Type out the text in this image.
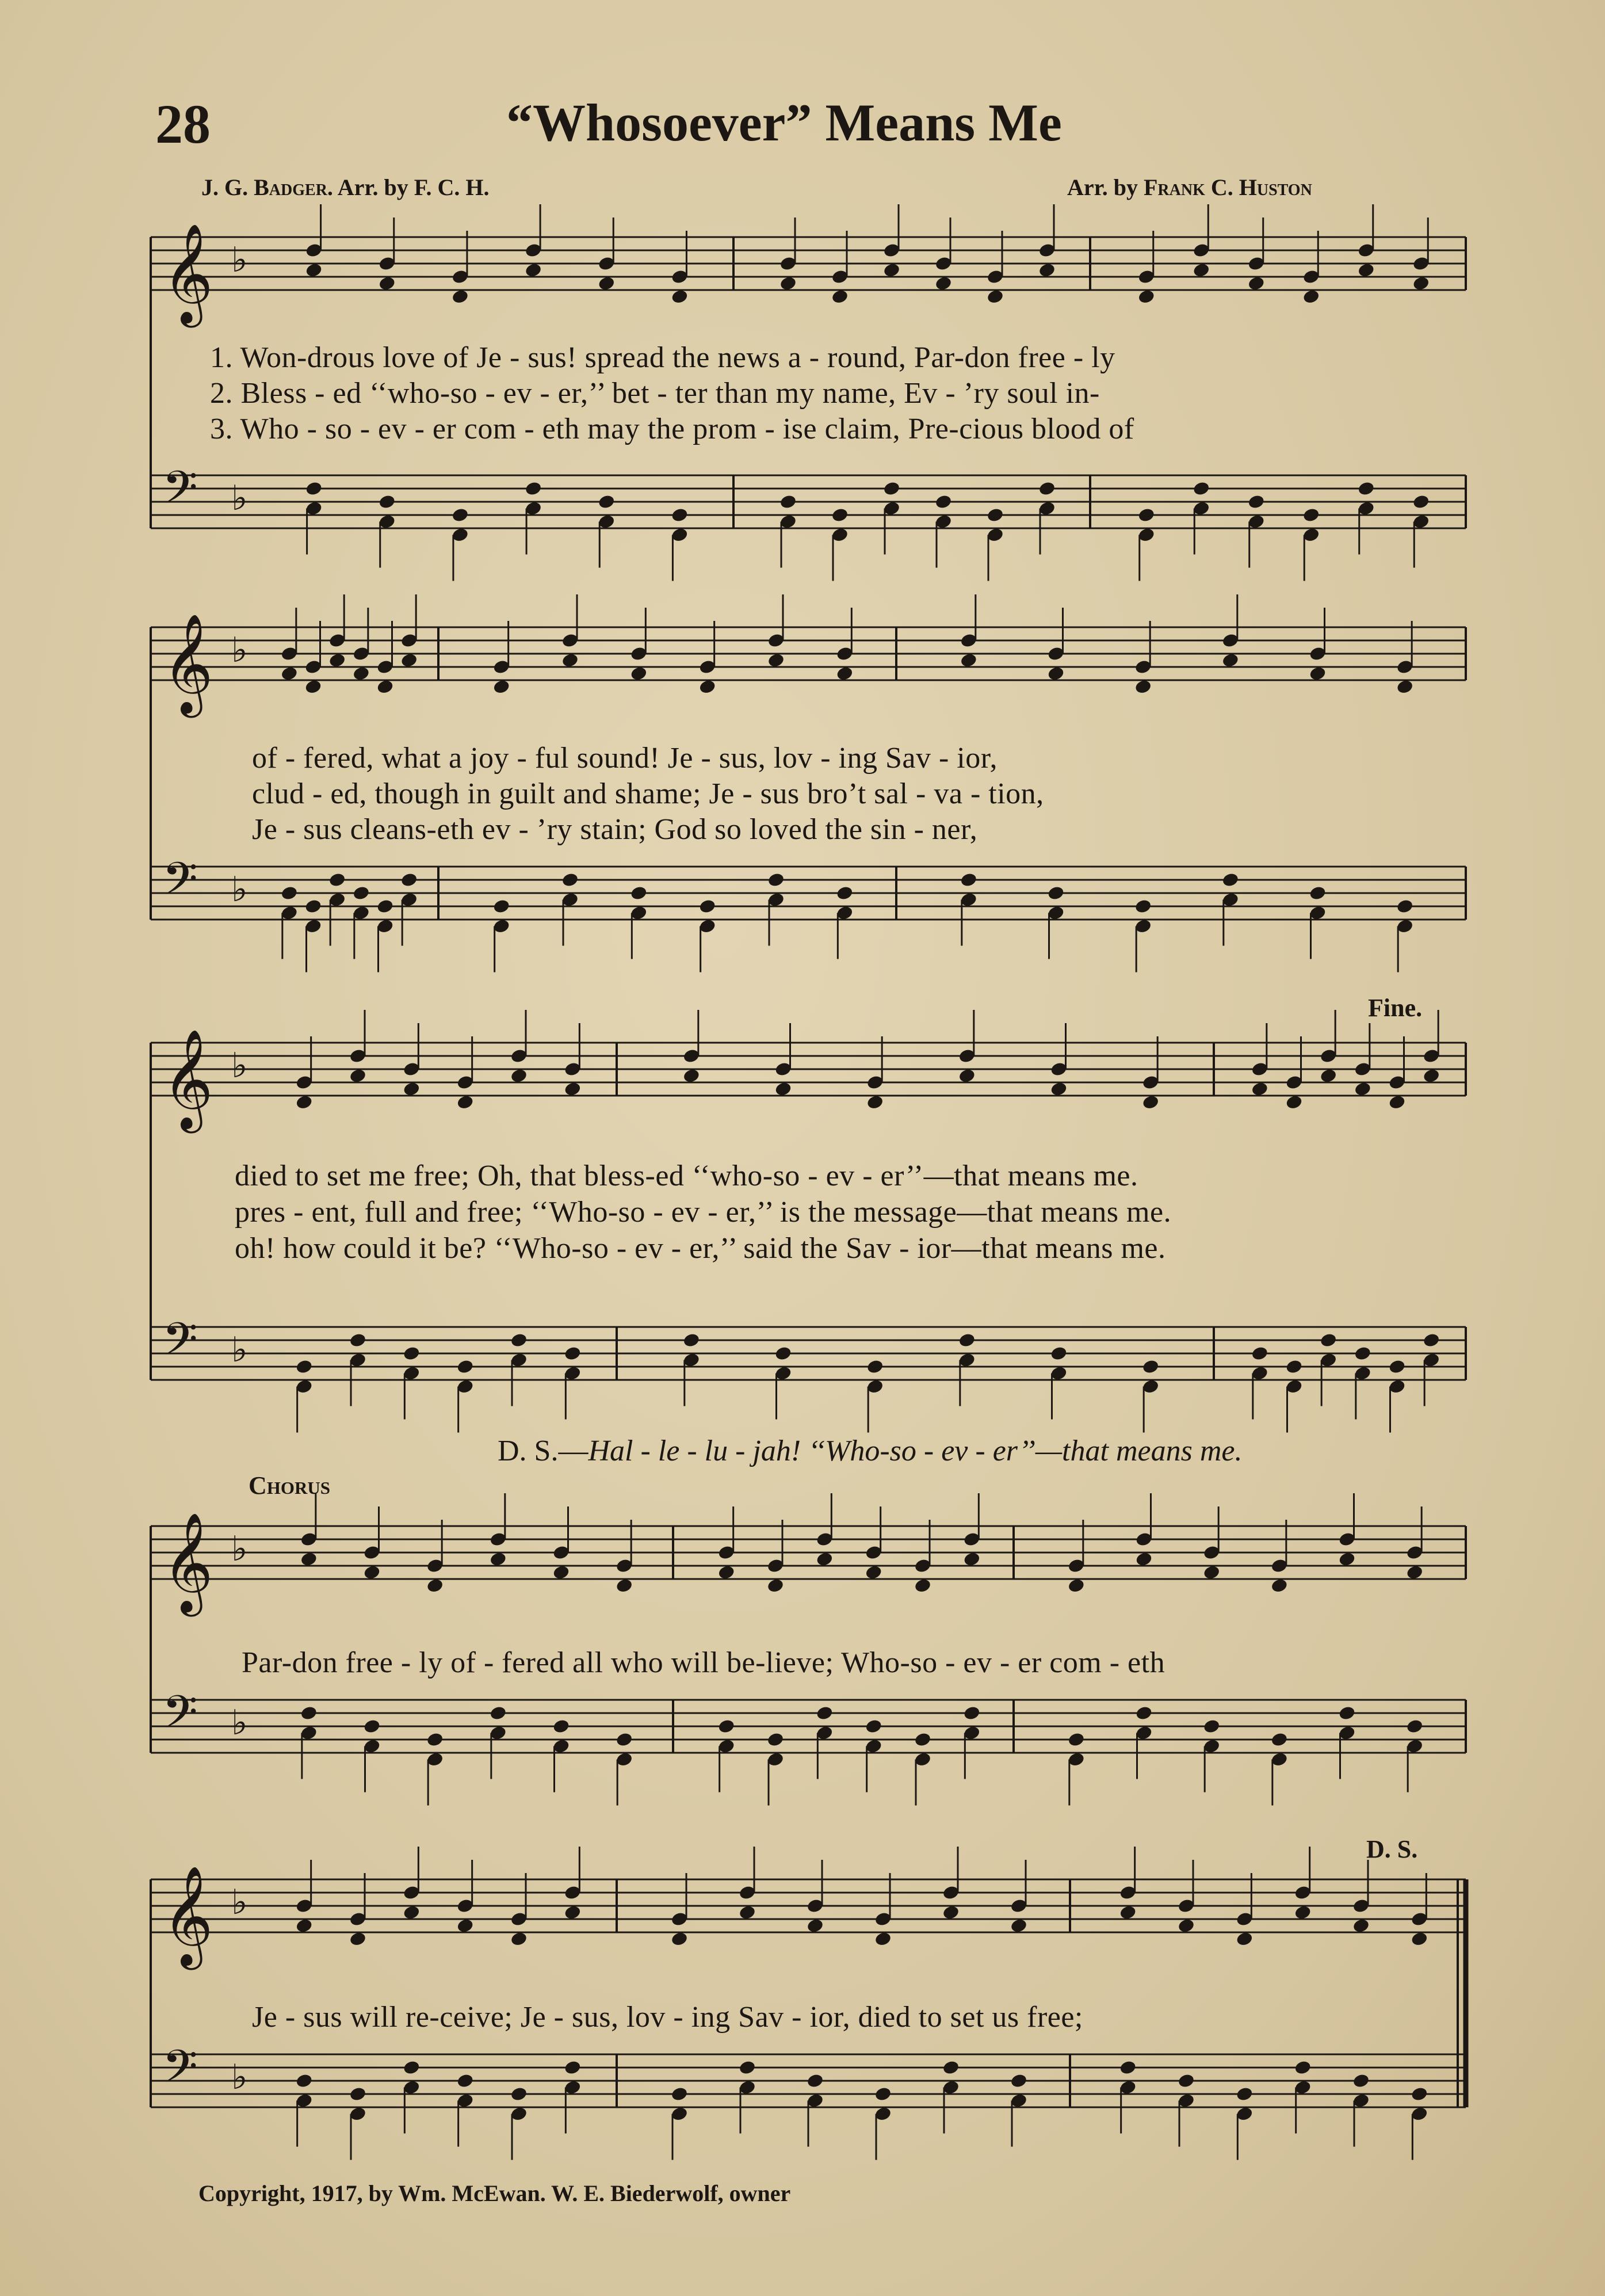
28	“Whosoever” Means Me
J. G. Badger. Arr. by F. C. H.	Arr. by Frank C. Huston
𝄞 ♭
𝄢 ♭
𝄞 ♭
𝄢 ♭
𝄞 ♭
𝄢 ♭
𝄞 ♭
𝄢 ♭
𝄞 ♭
𝄢 ♭
1. Won-drous love of Je - sus! spread the news a - round, Par-don free - ly
2. Bless - ed ‘‘who-so - ev - er,’’ bet - ter than my name, Ev - ’ry soul in-
3. Who - so - ev - er com - eth may the prom - ise claim, Pre-cious blood of
of - fered, what a joy - ful sound! Je - sus, lov - ing Sav - ior,
clud - ed, though in guilt and shame; Je - sus bro’t sal - va - tion,
Je - sus cleans-eth ev - ’ry stain; God so loved the sin - ner,
Fine.
died to set me free; Oh, that bless-ed ‘‘who-so - ev - er’’—that means me.
pres - ent, full and free; ‘‘Who-so - ev - er,’’ is the message—that means me.
oh! how could it be? ‘‘Who-so - ev - er,’’ said the Sav - ior—that means me.
D. S.—Hal - le - lu - jah! ‘‘Who-so - ev - er’’—that means me.
Chorus
Par-don free - ly of - fered all who will be-lieve; Who-so - ev - er com - eth
D. S.
Je - sus will re-ceive; Je - sus, lov - ing Sav - ior, died to set us free;
Copyright, 1917, by Wm. McEwan. W. E. Biederwolf, owner
